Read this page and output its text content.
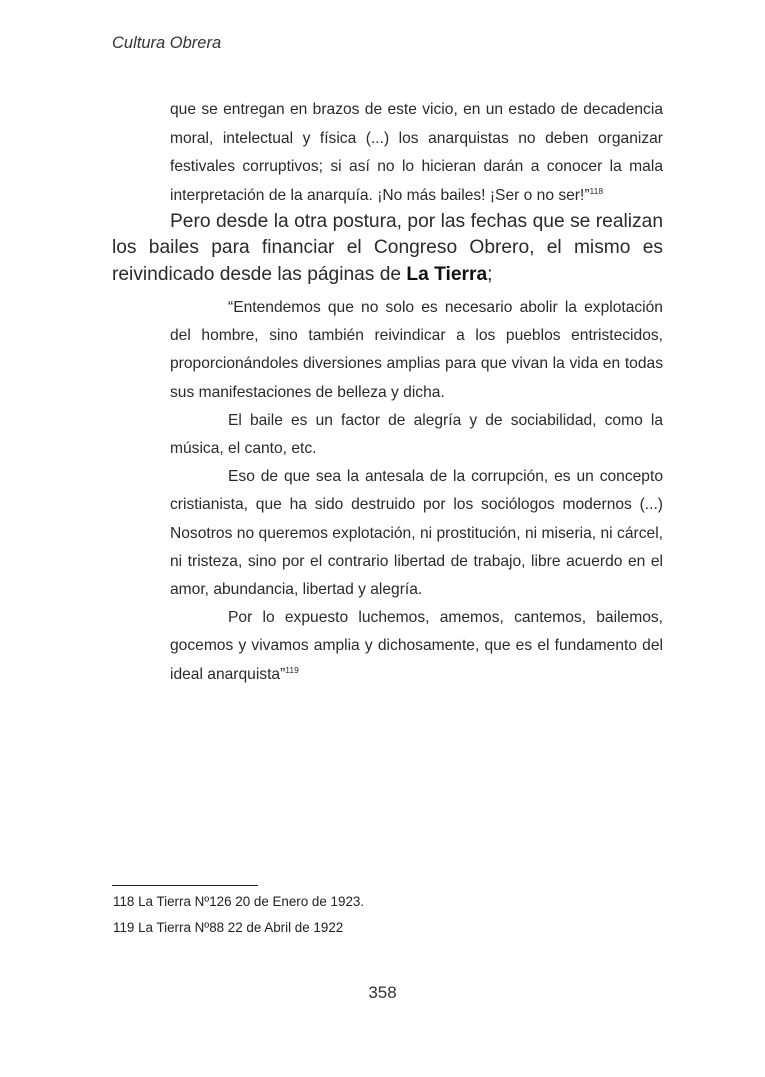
Cultura Obrera

que se entregan en brazos de este vicio, en un estado de decadencia moral, intelectual y física (...) los anarquistas no deben organizar festivales corruptivos; si así no lo hicieran darán a conocer la mala interpretación de la anarquía. ¡No más bailes! ¡Ser o no ser!”$^{118}$

Pero desde la otra postura, por las fechas que se realizan los bailes para financiar el Congreso Obrero, el mismo es reivindicado desde las páginas de La Tierra;

“Entendemos que no solo es necesario abolir la explotación del hombre, sino también reivindicar a los pueblos entristecidos, proporcionándoles diversiones amplias para que vivan la vida en todas sus manifestaciones de belleza y dicha.

El baile es un factor de alegría y de sociabilidad, como la música, el canto, etc.

Eso de que sea la antesala de la corrupción, es un concepto cristianista, que ha sido destruido por los sociólogos modernos (...) Nosotros no queremos explotación, ni prostitución, ni miseria, ni cárcel, ni tristeza, sino por el contrario libertad de trabajo, libre acuerdo en el amor, abundancia, libertad y alegría.

Por lo expuesto luchemos, amemos, cantemos, bailemos, gocemos y vivamos amplia y dichosamente, que es el fundamento del ideal anarquista”$^{119}$

118 La Tierra Nº126 20 de Enero de 1923.
119 La Tierra Nº88 22 de Abril de 1922
358
